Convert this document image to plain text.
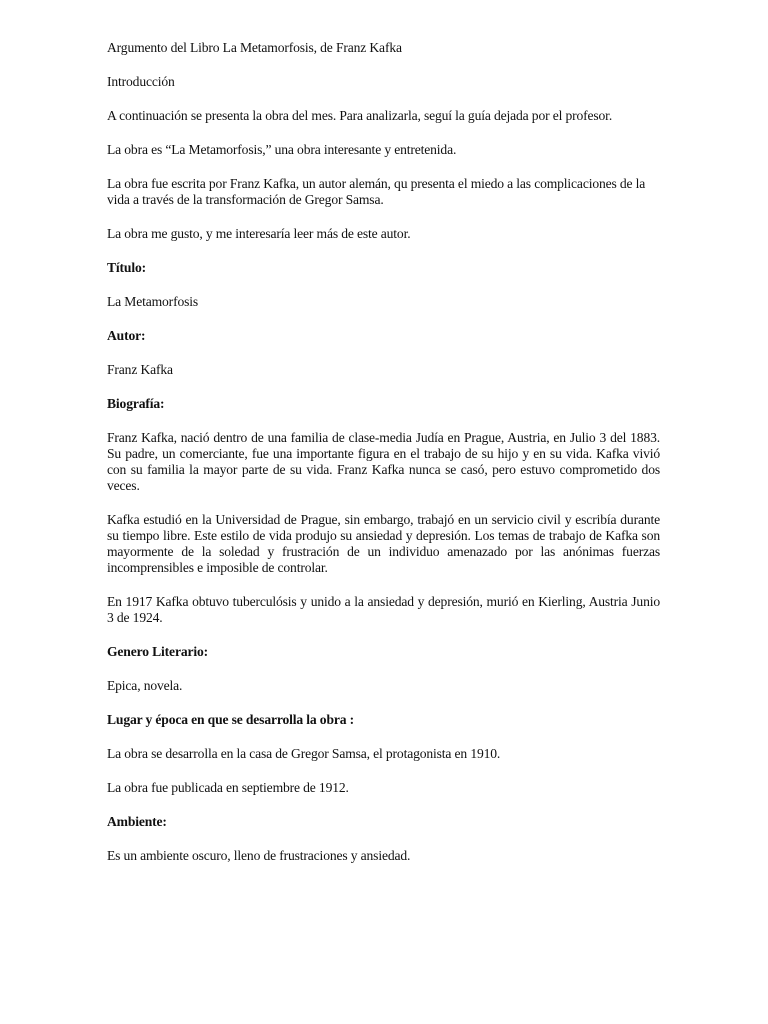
Argumento del Libro La Metamorfosis, de Franz Kafka

Introducción

A continuación se presenta la obra del mes. Para analizarla, seguí la guía dejada por el profesor.

La obra es “La Metamorfosis,” una obra interesante y entretenida.

La obra fue escrita por Franz Kafka, un autor alemán, qu presenta el miedo a las complicaciones de la vida a través de la transformación de Gregor Samsa.

La obra me gusto, y me interesaría leer más de este autor.

Título:

La Metamorfosis

Autor:

Franz Kafka

Biografía:

Franz Kafka, nació dentro de una familia de clase-media Judía en Prague, Austria, en Julio 3 del 1883. Su padre, un comerciante, fue una importante figura en el trabajo de su hijo y en su vida. Kafka vivió con su familia la mayor parte de su vida. Franz Kafka nunca se casó, pero estuvo comprometido dos veces.

Kafka estudió en la Universidad de Prague, sin embargo, trabajó en un servicio civil y escribía durante su tiempo libre. Este estilo de vida produjo su ansiedad y depresión. Los temas de trabajo de Kafka son mayormente de la soledad y frustración de un individuo amenazado por las anónimas fuerzas incomprensibles e imposible de controlar.

En 1917 Kafka obtuvo tuberculósis y unido a la ansiedad y depresión, murió en Kierling, Austria Junio 3 de 1924.

Genero Literario:

Epica, novela.

Lugar y época en que se desarrolla la obra :

La obra se desarrolla en la casa de Gregor Samsa, el protagonista en 1910.

La obra fue publicada en septiembre de 1912.

Ambiente:

Es un ambiente oscuro, lleno de frustraciones y ansiedad.
